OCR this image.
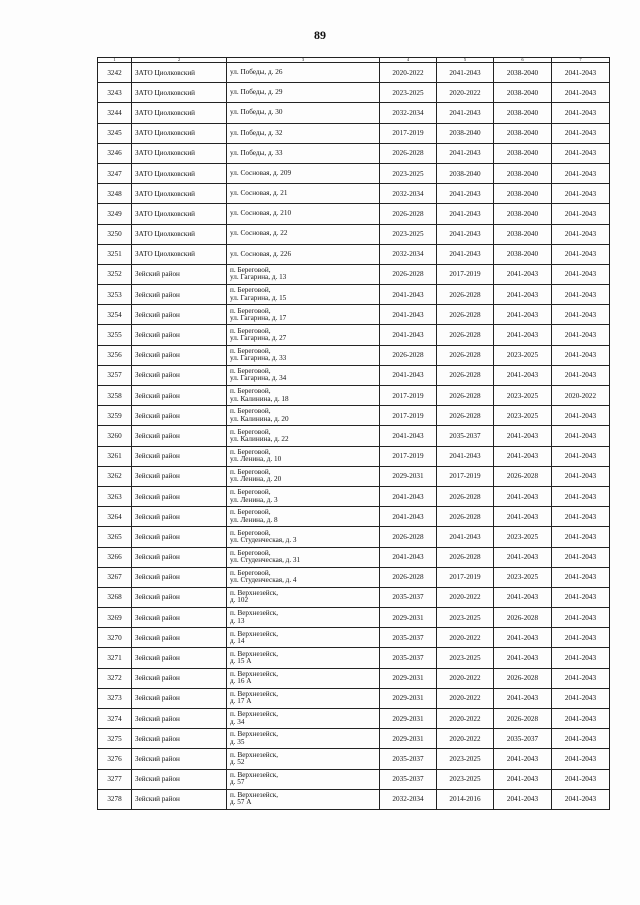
89
1	2	3	4	5	6	7
3242	ЗАТО Циолковский	ул. Победы, д. 26	2020-2022	2041-2043	2038-2040	2041-2043
3243	ЗАТО Циолковский	ул. Победы, д. 29	2023-2025	2020-2022	2038-2040	2041-2043
3244	ЗАТО Циолковский	ул. Победы, д. 30	2032-2034	2041-2043	2038-2040	2041-2043
3245	ЗАТО Циолковский	ул. Победы, д. 32	2017-2019	2038-2040	2038-2040	2041-2043
3246	ЗАТО Циолковский	ул. Победы, д. 33	2026-2028	2041-2043	2038-2040	2041-2043
3247	ЗАТО Циолковский	ул. Сосновая, д. 209	2023-2025	2038-2040	2038-2040	2041-2043
3248	ЗАТО Циолковский	ул. Сосновая, д. 21	2032-2034	2041-2043	2038-2040	2041-2043
3249	ЗАТО Циолковский	ул. Сосновая, д. 210	2026-2028	2041-2043	2038-2040	2041-2043
3250	ЗАТО Циолковский	ул. Сосновая, д. 22	2023-2025	2041-2043	2038-2040	2041-2043
3251	ЗАТО Циолковский	ул. Сосновая, д. 226	2032-2034	2041-2043	2038-2040	2041-2043
3252	Зейский район	п. Береговой,
ул. Гагарина, д. 13	2026-2028	2017-2019	2041-2043	2041-2043
3253	Зейский район	п. Береговой,
ул. Гагарина, д. 15	2041-2043	2026-2028	2041-2043	2041-2043
3254	Зейский район	п. Береговой,
ул. Гагарина, д. 17	2041-2043	2026-2028	2041-2043	2041-2043
3255	Зейский район	п. Береговой,
ул. Гагарина, д. 27	2041-2043	2026-2028	2041-2043	2041-2043
3256	Зейский район	п. Береговой,
ул. Гагарина, д. 33	2026-2028	2026-2028	2023-2025	2041-2043
3257	Зейский район	п. Береговой,
ул. Гагарина, д. 34	2041-2043	2026-2028	2041-2043	2041-2043
3258	Зейский район	п. Береговой,
ул. Калинина, д. 18	2017-2019	2026-2028	2023-2025	2020-2022
3259	Зейский район	п. Береговой,
ул. Калинина, д. 20	2017-2019	2026-2028	2023-2025	2041-2043
3260	Зейский район	п. Береговой,
ул. Калинина, д. 22	2041-2043	2035-2037	2041-2043	2041-2043
3261	Зейский район	п. Береговой,
ул. Ленина, д. 10	2017-2019	2041-2043	2041-2043	2041-2043
3262	Зейский район	п. Береговой,
ул. Ленина, д. 20	2029-2031	2017-2019	2026-2028	2041-2043
3263	Зейский район	п. Береговой,
ул. Ленина, д. 3	2041-2043	2026-2028	2041-2043	2041-2043
3264	Зейский район	п. Береговой,
ул. Ленина, д. 8	2041-2043	2026-2028	2041-2043	2041-2043
3265	Зейский район	п. Береговой,
ул. Студенческая, д. 3	2026-2028	2041-2043	2023-2025	2041-2043
3266	Зейский район	п. Береговой,
ул. Студенческая, д. 31	2041-2043	2026-2028	2041-2043	2041-2043
3267	Зейский район	п. Береговой,
ул. Студенческая, д. 4	2026-2028	2017-2019	2023-2025	2041-2043
3268	Зейский район	п. Верхнезейск,
д. 102	2035-2037	2020-2022	2041-2043	2041-2043
3269	Зейский район	п. Верхнезейск,
д. 13	2029-2031	2023-2025	2026-2028	2041-2043
3270	Зейский район	п. Верхнезейск,
д. 14	2035-2037	2020-2022	2041-2043	2041-2043
3271	Зейский район	п. Верхнезейск,
д. 15 А	2035-2037	2023-2025	2041-2043	2041-2043
3272	Зейский район	п. Верхнезейск,
д. 16 А	2029-2031	2020-2022	2026-2028	2041-2043
3273	Зейский район	п. Верхнезейск,
д. 17 А	2029-2031	2020-2022	2041-2043	2041-2043
3274	Зейский район	п. Верхнезейск,
д. 34	2029-2031	2020-2022	2026-2028	2041-2043
3275	Зейский район	п. Верхнезейск,
д. 35	2029-2031	2020-2022	2035-2037	2041-2043
3276	Зейский район	п. Верхнезейск,
д. 52	2035-2037	2023-2025	2041-2043	2041-2043
3277	Зейский район	п. Верхнезейск,
д. 57	2035-2037	2023-2025	2041-2043	2041-2043
3278	Зейский район	п. Верхнезейск,
д. 57 А	2032-2034	2014-2016	2041-2043	2041-2043
